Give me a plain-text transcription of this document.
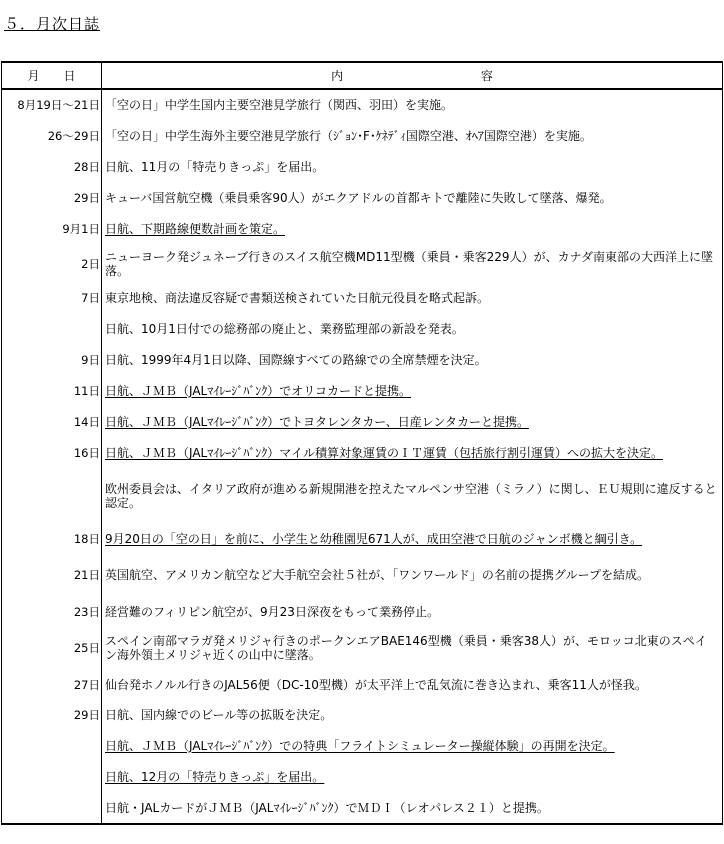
５．月次日誌
月　　日	内 容
8月19日～21日	「空の日」中学生国内主要空港見学旅行（関西、羽田）を実施。
26～29日	「空の日」中学生海外主要空港見学旅行（ｼﾞｮﾝ･F･ｹﾈﾃﾞｨ国際空港、ｵﾍｱ国際空港）を実施。
28日	日航、11月の「特売りきっぷ」を届出。
29日	キューバ国営航空機（乗員乗客90人）がエクアドルの首都キトで離陸に失敗して墜落、爆発。
9月1日	日航、下期路線便数計画を策定。
2日	ニューヨーク発ジュネーブ行きのスイス航空機MD11型機（乗員・乗客229人）が、カナダ南東部の大西洋上に墜落。
7日	東京地検、商法違反容疑で書類送検されていた日航元役員を略式起訴。
	日航、10月1日付での総務部の廃止と、業務監理部の新設を発表。
9日	日航、1999年4月1日以降、国際線すべての路線での全席禁煙を決定。
11日	日航、ＪＭＢ（JALﾏｲﾚｰｼﾞﾊﾞﾝｸ）でオリコカードと提携。
14日	日航、ＪＭＢ（JALﾏｲﾚｰｼﾞﾊﾞﾝｸ）でトヨタレンタカー、日産レンタカーと提携。
16日	日航、ＪＭＢ（JALﾏｲﾚｰｼﾞﾊﾞﾝｸ）マイル積算対象運賃のＩＴ運賃（包括旅行割引運賃）への拡大を決定。
	欧州委員会は、イタリア政府が進める新規開港を控えたマルペンサ空港（ミラノ）に関し、ＥＵ規則に違反すると認定。
18日	9月20日の「空の日」を前に、小学生と幼稚園児671人が、成田空港で日航のジャンボ機と綱引き。
21日	英国航空、アメリカン航空など大手航空会社５社が、「ワンワールド」の名前の提携グループを結成。
23日	経営難のフィリピン航空が、9月23日深夜をもって業務停止。
25日	スペイン南部マラガ発メリジャ行きのポークンエアBAE146型機（乗員・乗客38人）が、モロッコ北東のスペイン海外領土メリジャ近くの山中に墜落。
27日	仙台発ホノルル行きのJAL56便（DC-10型機）が太平洋上で乱気流に巻き込まれ、乗客11人が怪我。
29日	日航、国内線でのビール等の拡販を決定。
	日航、ＪＭＢ（JALﾏｲﾚｰｼﾞﾊﾞﾝｸ）での特典「フライトシミュレーター操縦体験」の再開を決定。
	日航、12月の「特売りきっぷ」を届出。
	日航・JALカードがＪＭＢ（JALﾏｲﾚｰｼﾞﾊﾞﾝｸ）でＭＤＩ（レオパレス２１）と提携。
